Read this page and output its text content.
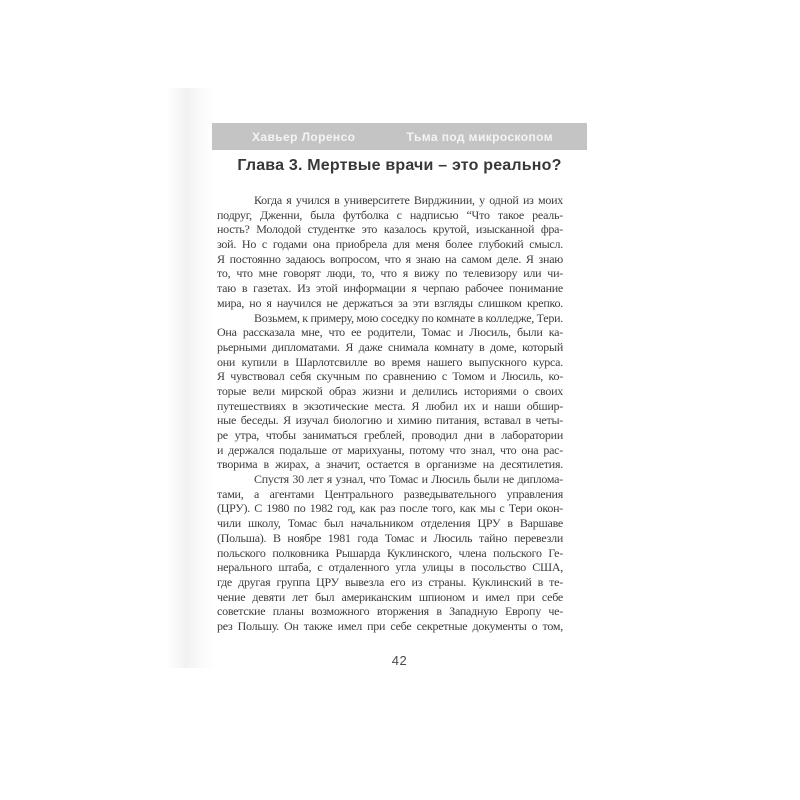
Хавьер Лоренсо	Тьма под микроскопом
Глава 3. Мертвые врачи – это реально?
Когда я учился в университете Вирджинии, у одной из моих
подруг, Дженни, была футболка с надписью “Что такое реаль-
ность? Молодой студентке это казалось крутой, изысканной фра-
зой. Но с годами она приобрела для меня более глубокий смысл.
Я постоянно задаюсь вопросом, что я знаю на самом деле. Я знаю
то, что мне говорят люди, то, что я вижу по телевизору или чи-
таю в газетах. Из этой информации я черпаю рабочее понимание
мира, но я научился не держаться за эти взгляды слишком крепко.
Возьмем, к примеру, мою соседку по комнате в колледже, Тери.
Она рассказала мне, что ее родители, Томас и Люсиль, были ка-
рьерными дипломатами. Я даже снимала комнату в доме, который
они купили в Шарлотсвилле во время нашего выпускного курса.
Я чувствовал себя скучным по сравнению с Томом и Люсиль, ко-
торые вели мирской образ жизни и делились историями о своих
путешествиях в экзотические места. Я любил их и наши обшир-
ные беседы. Я изучал биологию и химию питания, вставал в четы-
ре утра, чтобы заниматься греблей, проводил дни в лаборатории
и держался подальше от марихуаны, потому что знал, что она рас-
творима в жирах, а значит, остается в организме на десятилетия.
Спустя 30 лет я узнал, что Томас и Люсиль были не диплома-
тами, а агентами Центрального разведывательного управления
(ЦРУ). С 1980 по 1982 год, как раз после того, как мы с Тери окон-
чили школу, Томас был начальником отделения ЦРУ в Варшаве
(Польша). В ноябре 1981 года Томас и Люсиль тайно перевезли
польского полковника Рышарда Куклинского, члена польского Ге-
нерального штаба, с отдаленного угла улицы в посольство США,
где другая группа ЦРУ вывезла его из страны. Куклинский в те-
чение девяти лет был американским шпионом и имел при себе
советские планы возможного вторжения в Западную Европу че-
рез Польшу. Он также имел при себе секретные документы о том,
42
